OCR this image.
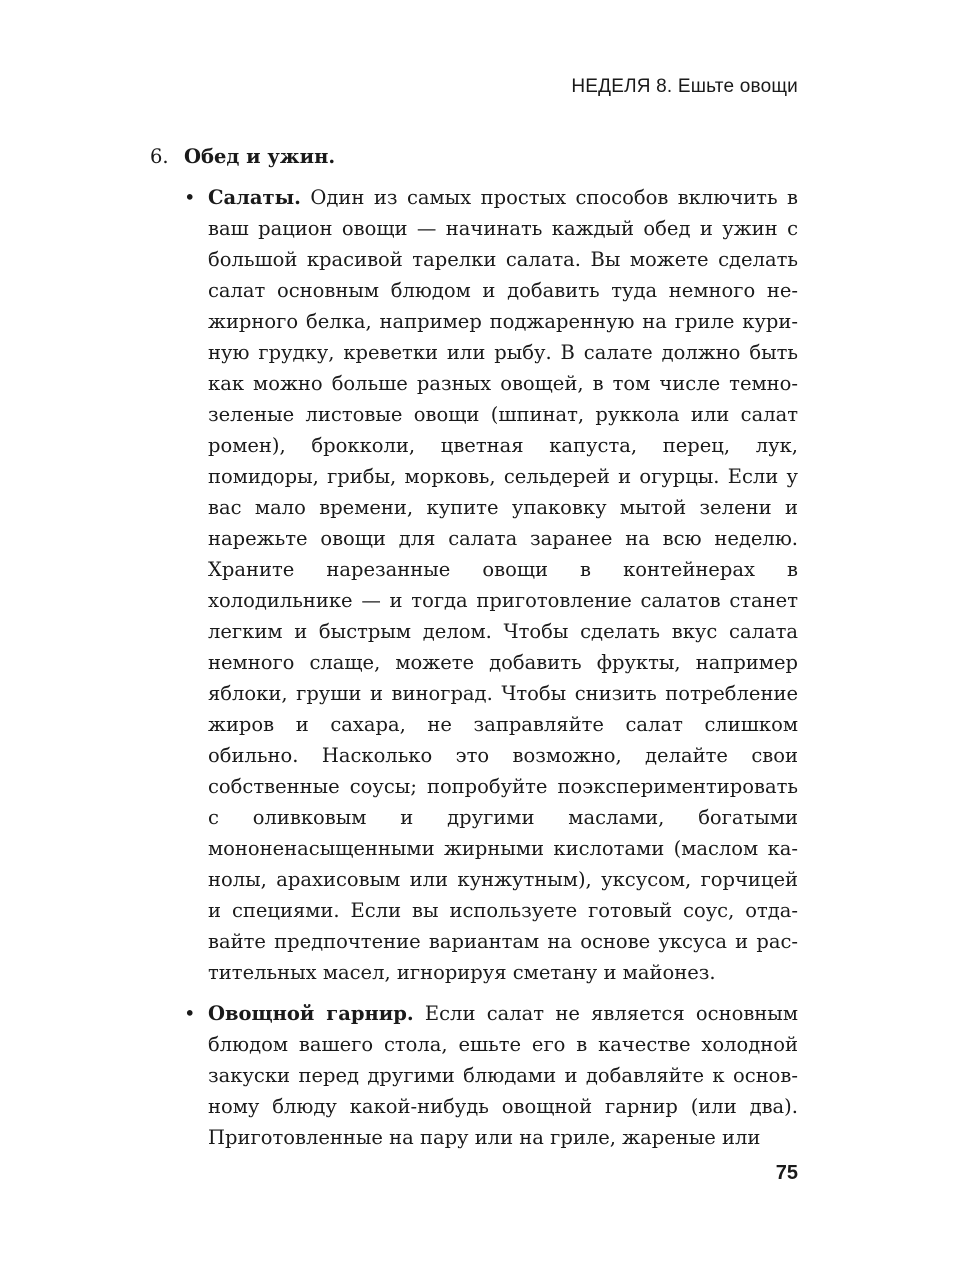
НЕДЕЛЯ 8. Ешьте овощи
6. Обед и ужин.
• Салаты. Один из самых простых способов включить в ваш рацион овощи — начинать каждый обед и ужин с большой красивой тарелки салата. Вы можете сделать салат основным блюдом и добавить туда немного нежирного белка, например поджаренную на гриле куриную грудку, креветки или рыбу. В салате должно быть как можно больше разных овощей, в том числе темнозеленые листовые овощи (шпинат, руккола или салат ромен), брокколи, цветная капуста, перец, лук, помидоры, грибы, морковь, сельдерей и огурцы. Если у вас мало времени, купите упаковку мытой зелени и нарежьте овощи для салата заранее на всю неделю. Храните нарезанные овощи в контейнерах в холодильнике — и тогда приготовление салатов станет легким и быстрым делом. Чтобы сделать вкус салата немного слаще, можете добавить фрукты, например яблоки, груши и виноград. Чтобы снизить потребление жиров и сахара, не заправляйте салат слишком обильно. Насколько это возможно, делайте свои собственные соусы; попробуйте поэкспериментировать с оливковым и другими маслами, богатыми мононенасыщенными жирными кислотами (маслом канолы, арахисовым или кунжутным), уксусом, горчицей и специями. Если вы используете готовый соус, отдавайте предпочтение вариантам на основе уксуса и растительных масел, игнорируя сметану и майонез.
• Овощной гарнир. Если салат не является основным блюдом вашего стола, ешьте его в качестве холодной закуски перед другими блюдами и добавляйте к основному блюду какой-нибудь овощной гарнир (или два). Приготовленные на пару или на гриле, жареные или
75
